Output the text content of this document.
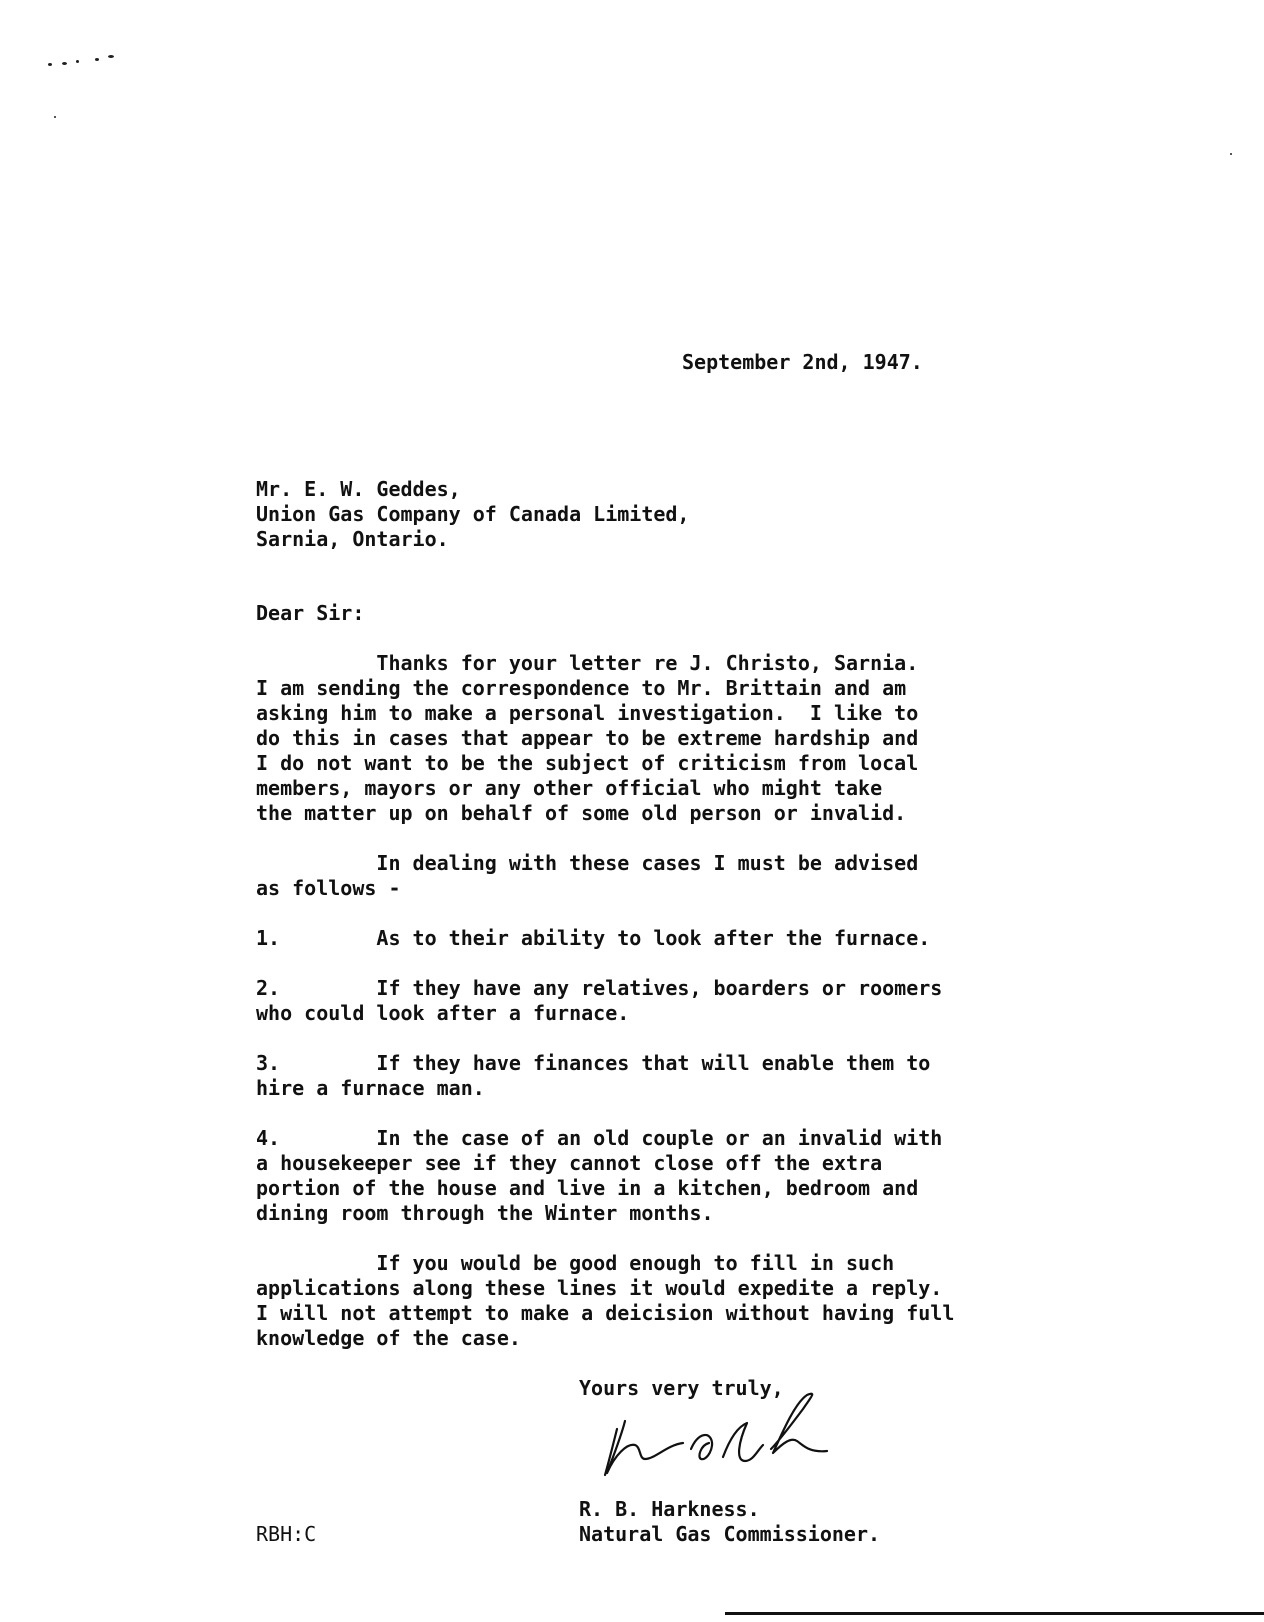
September 2nd, 1947.

Mr. E. W. Geddes,

Union Gas Company of Canada Limited,

Sarnia, Ontario.

Dear Sir:

Thanks for your letter re J. Christo, Sarnia.

I am sending the correspondence to Mr. Brittain and am

asking him to make a personal investigation.  I like to

do this in cases that appear to be extreme hardship and

I do not want to be the subject of criticism from local

members, mayors or any other official who might take

the matter up on behalf of some old person or invalid.

In dealing with these cases I must be advised

as follows -

1.        As to their ability to look after the furnace.

2.        If they have any relatives, boarders or roomers

who could look after a furnace.

3.        If they have finances that will enable them to

hire a furnace man.

4.        In the case of an old couple or an invalid with

a housekeeper see if they cannot close off the extra

portion of the house and live in a kitchen, bedroom and

dining room through the Winter months.

If you would be good enough to fill in such

applications along these lines it would expedite a reply.

I will not attempt to make a deicision without having full

knowledge of the case.

Yours very truly,

R. B. Harkness.

Natural Gas Commissioner.

RBH:C
